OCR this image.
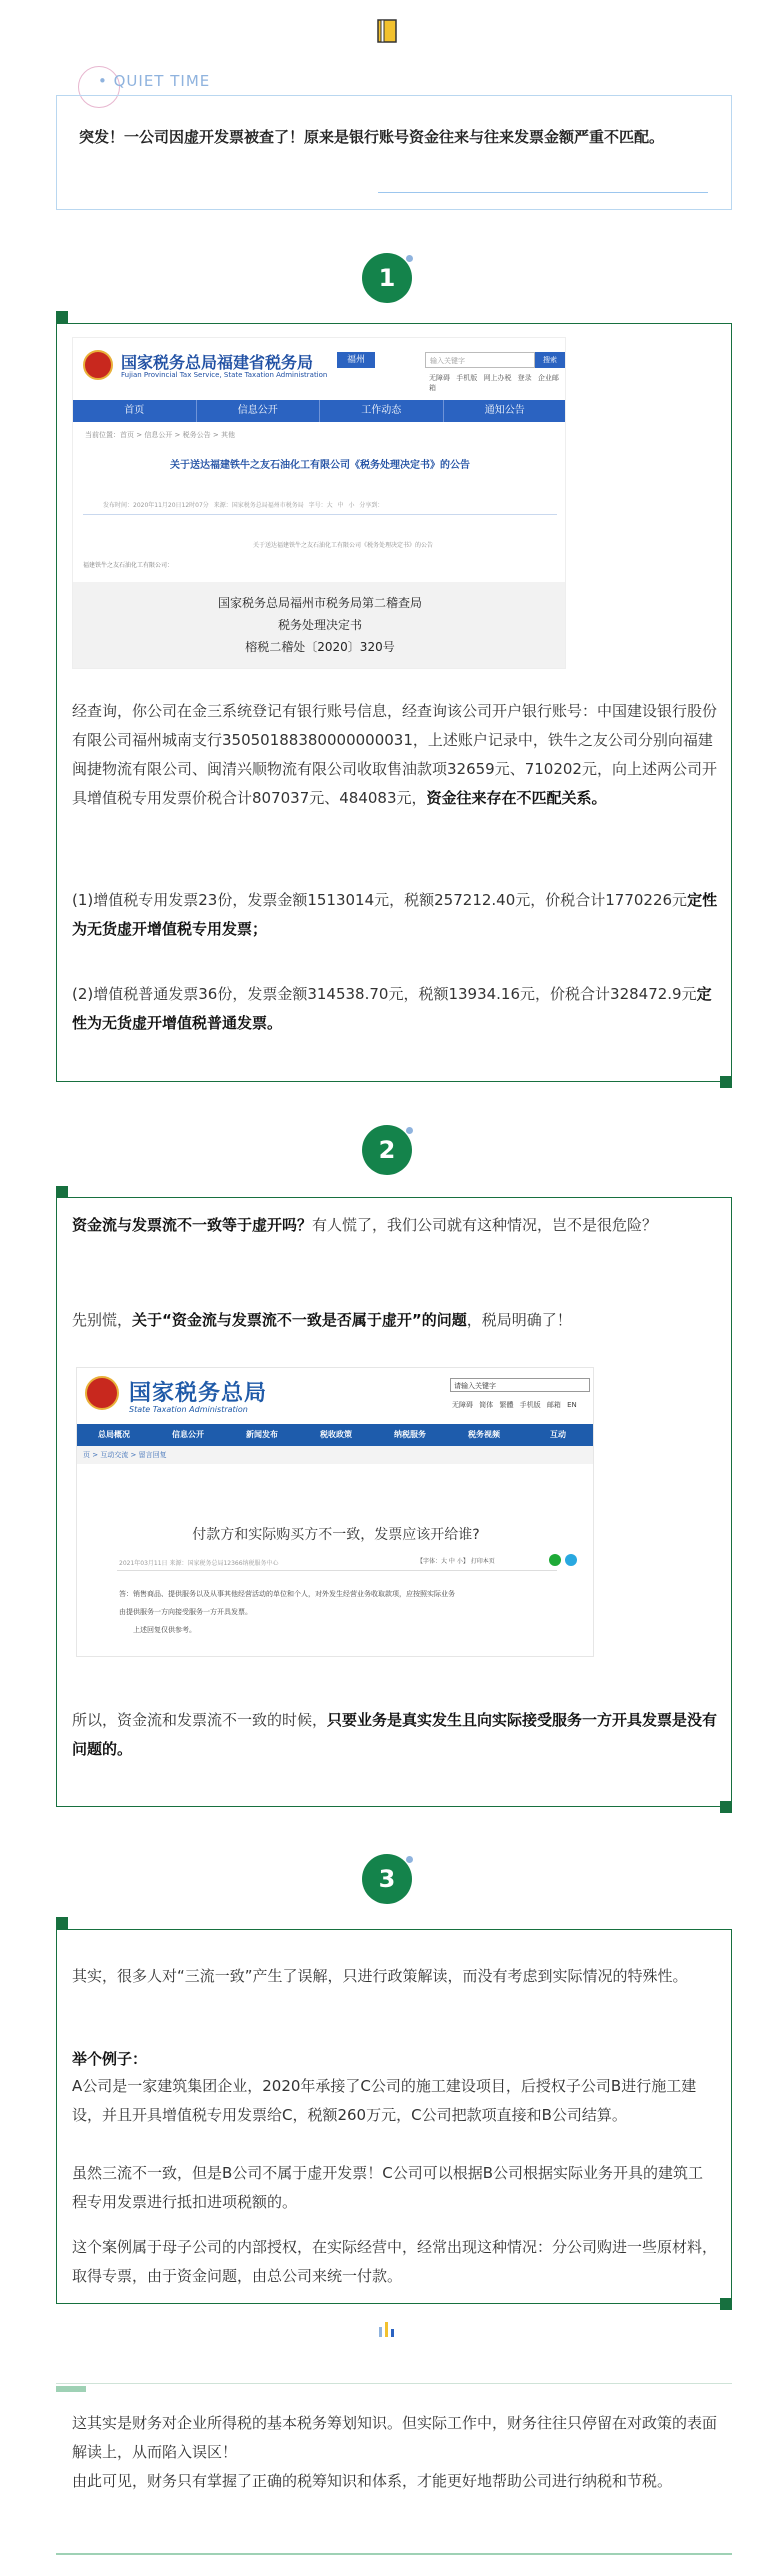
• QUIET TIME
突发！一公司因虚开发票被查了！原来是银行账号资金往来与往来发票金额严重不匹配。
1
国家税务总局福建省税务局
Fujian Provincial Tax Service, State Taxation Administration
福州	输入关键字	搜索
无障碍 手机版 网上办税 登录 企业邮箱
首页	信息公开	工作动态	通知公告
当前位置：首页 > 信息公开 > 税务公告 > 其他
关于送达福建铁牛之友石油化工有限公司《税务处理决定书》的公告
发布时间：2020年11月20日12时07分 来源：国家税务总局福州市税务局 字号：大 中 小 分享到：
关于送达福建铁牛之友石油化工有限公司《税务处理决定书》的公告
福建铁牛之友石油化工有限公司：
国家税务总局福州市税务局第二稽查局
税务处理决定书
榕税二稽处〔2020〕320号
经查询，你公司在金三系统登记有银行账号信息，经查询该公司开户银行账号：中国建设银行股份有限公司福州城南支行35050188380000000031，上述账户记录中，铁牛之友公司分别向福建闽捷物流有限公司、闽清兴顺物流有限公司收取售油款项32659元、710202元，向上述两公司开具增值税专用发票价税合计807037元、484083元，资金往来存在不匹配关系。
(1)增值税专用发票23份，发票金额1513014元，税额257212.40元，价税合计1770226元定性为无货虚开增值税专用发票；
(2)增值税普通发票36份，发票金额314538.70元，税额13934.16元，价税合计328472.9元定性为无货虚开增值税普通发票。
2
资金流与发票流不一致等于虚开吗？有人慌了，我们公司就有这种情况，岂不是很危险？
先别慌，关于“资金流与发票流不一致是否属于虚开”的问题，税局明确了！
国家税务总局
State Taxation Administration
请输入关键字
无障碍 简体 繁體 手机版 邮箱 EN
总局概况	信息公开	新闻发布	税收政策	纳税服务	税务视频	互动
页 > 互动交流 > 留言回复
付款方和实际购买方不一致，发票应该开给谁?
2021年03月11日 来源：国家税务总局12366纳税服务中心	【字体：大 中 小】 打印本页
答：销售商品、提供服务以及从事其他经营活动的单位和个人，对外发生经营业务收取款项，应按照实际业务
由提供服务一方向接受服务一方开具发票。
上述回复仅供参考。
所以，资金流和发票流不一致的时候，只要业务是真实发生且向实际接受服务一方开具发票是没有问题的。
3
其实，很多人对“三流一致”产生了误解，只进行政策解读，而没有考虑到实际情况的特殊性。
举个例子：
A公司是一家建筑集团企业，2020年承接了C公司的施工建设项目，后授权子公司B进行施工建设，并且开具增值税专用发票给C，税额260万元，C公司把款项直接和B公司结算。
虽然三流不一致，但是B公司不属于虚开发票！C公司可以根据B公司根据实际业务开具的建筑工程专用发票进行抵扣进项税额的。
这个案例属于母子公司的内部授权，在实际经营中，经常出现这种情况：分公司购进一些原材料，取得专票，由于资金问题，由总公司来统一付款。
这其实是财务对企业所得税的基本税务筹划知识。但实际工作中，财务往往只停留在对政策的表面解读上，从而陷入误区！
由此可见，财务只有掌握了正确的税筹知识和体系，才能更好地帮助公司进行纳税和节税。
